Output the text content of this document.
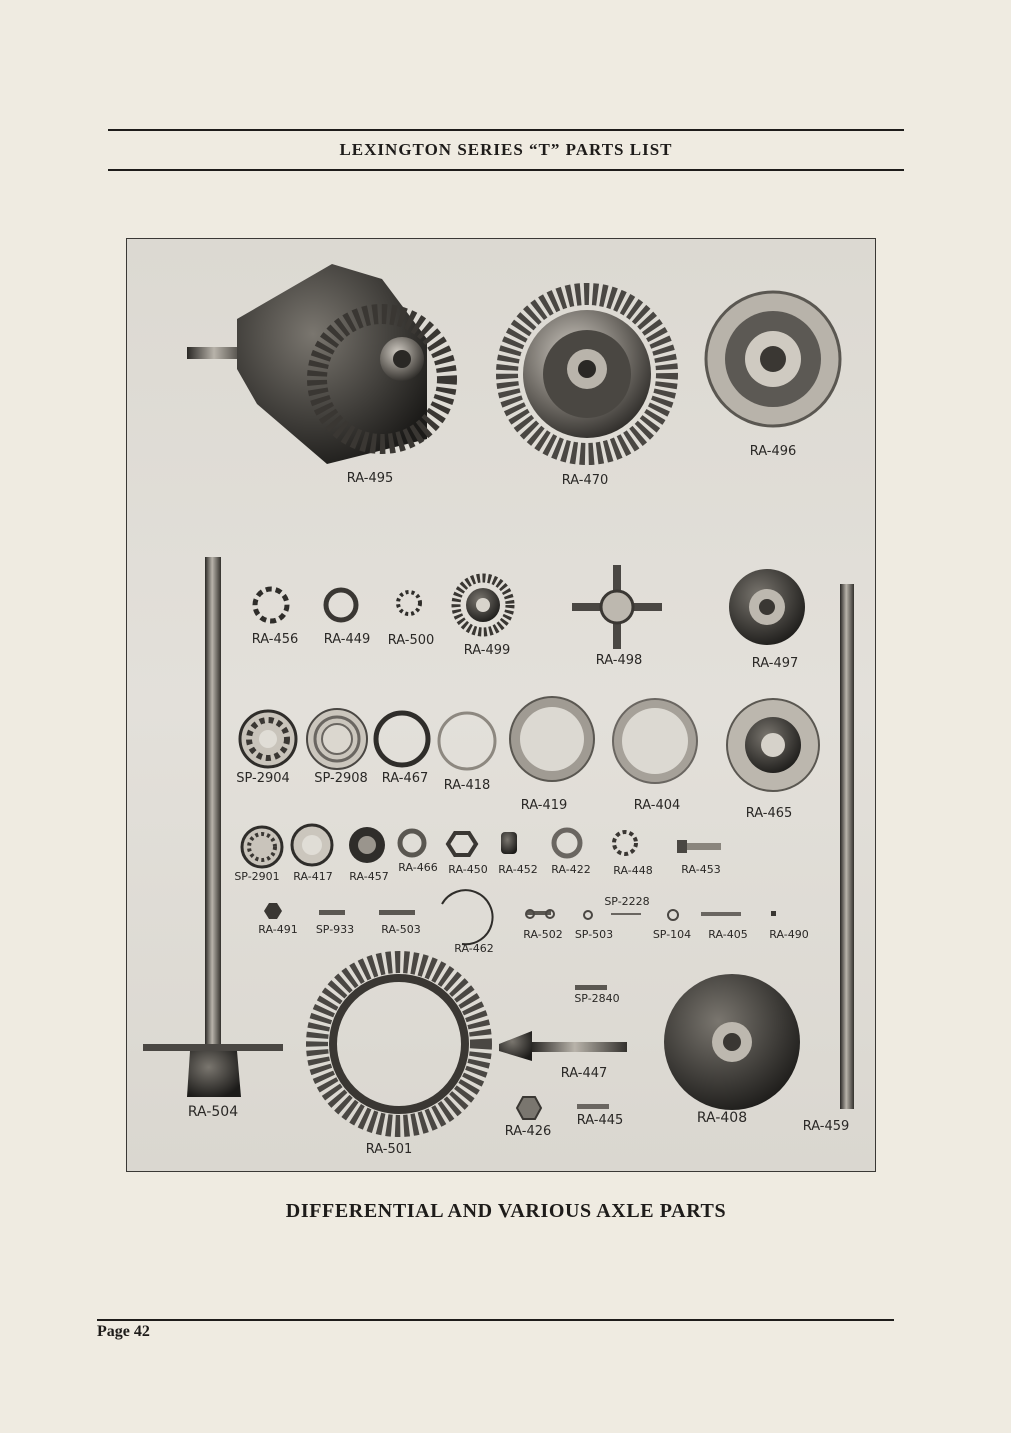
LEXINGTON SERIES “T” PARTS LIST
RA-495	RA-470
RA-496
RA-456 RA-449 RA-500
RA-499
RA-498	RA-497
SP-2904 SP-2908 RA-467 RA-418
RA-419	RA-404
RA-465
SP-2901 RA-417 RA-457
RA-466 RA-450 RA-452 RA-422 RA-448	RA-453
SP-2228
RA-491 SP-933 RA-503
RA-462
RA-502 SP-503	SP-104 RA-405 RA-490
SP-2840
RA-447
RA-426
RA-445	RA-408
RA-504
RA-501
RA-459
DIFFERENTIAL AND VARIOUS AXLE PARTS
Page 42
